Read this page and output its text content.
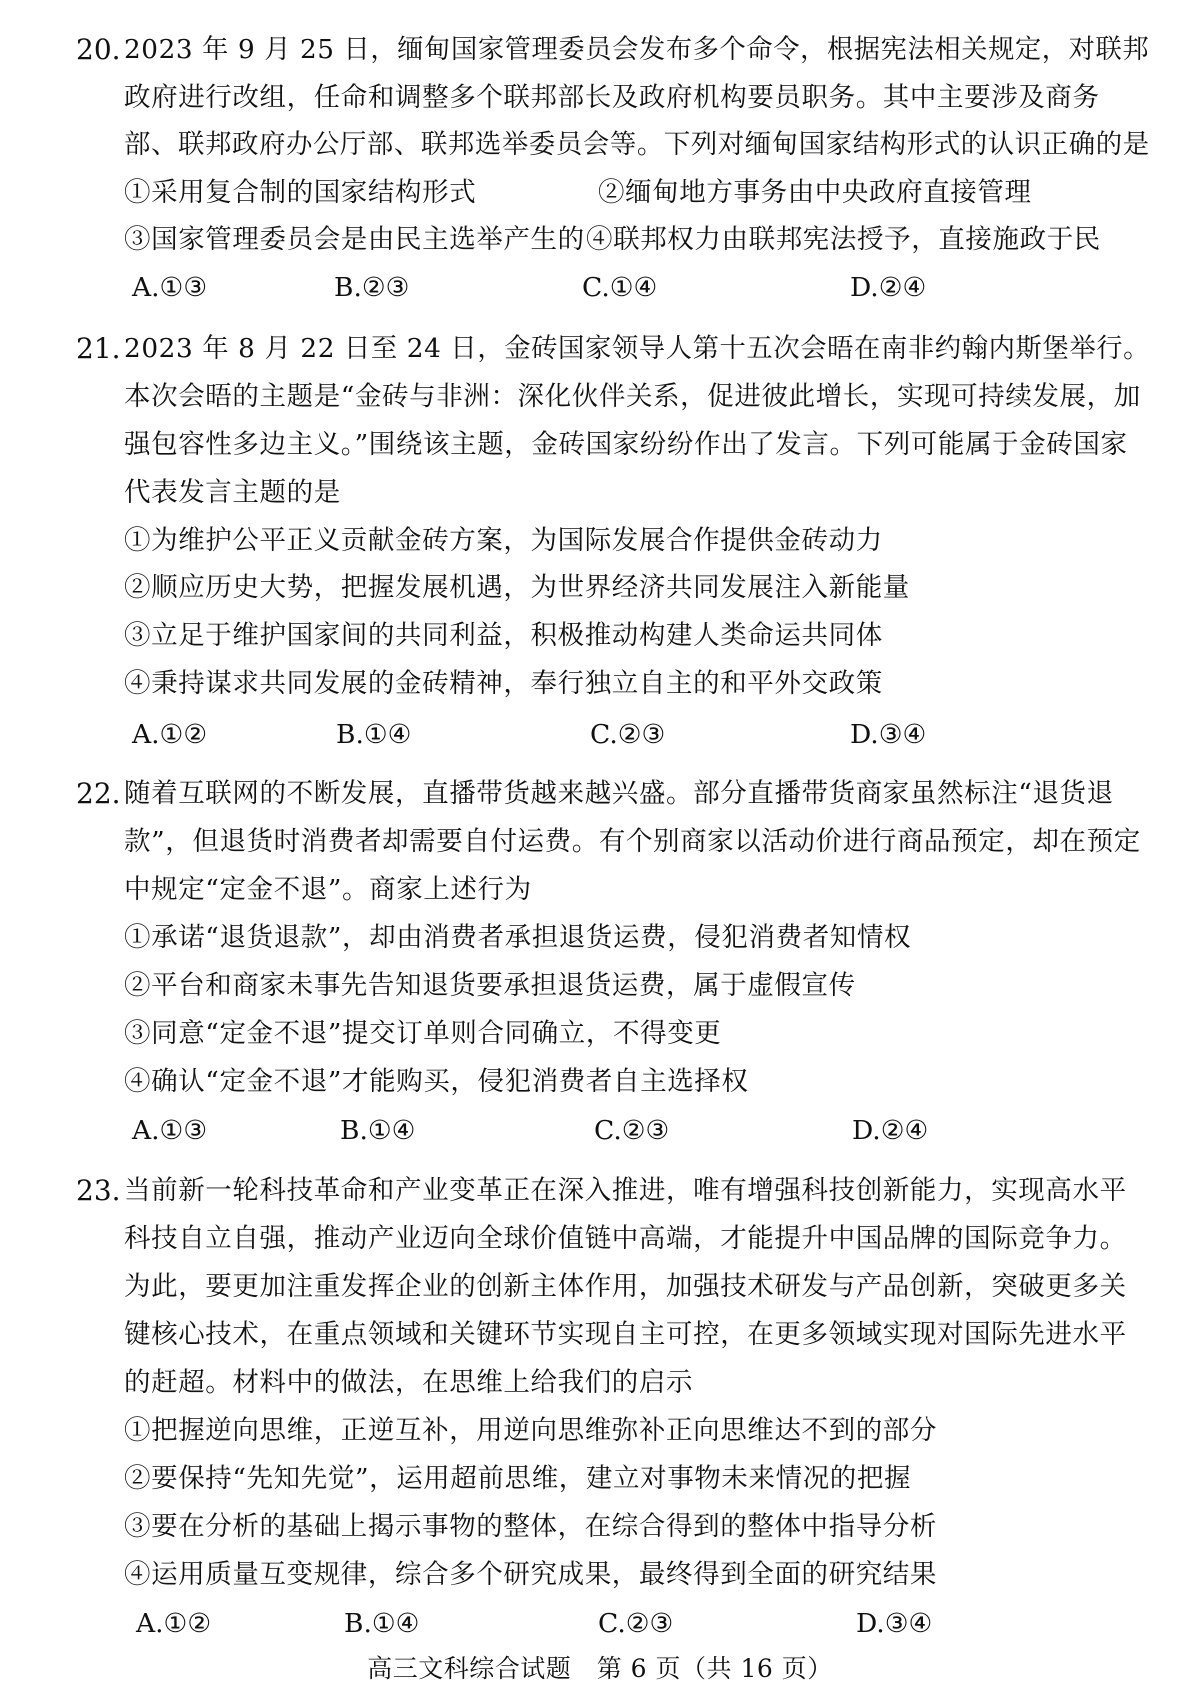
20. 2023 年 9 月 25 日，缅甸国家管理委员会发布多个命令，根据宪法相关规定，对联邦
政府进行改组，任命和调整多个联邦部长及政府机构要员职务。其中主要涉及商务
部、联邦政府办公厅部、联邦选举委员会等。下列对缅甸国家结构形式的认识正确的是
①采用复合制的国家结构形式	②缅甸地方事务由中央政府直接管理
③国家管理委员会是由民主选举产生的 ④联邦权力由联邦宪法授予，直接施政于民
A.①③	B.②③	C.①④	D.②④
21. 2023 年 8 月 22 日至 24 日，金砖国家领导人第十五次会晤在南非约翰内斯堡举行。
本次会晤的主题是“金砖与非洲：深化伙伴关系，促进彼此增长，实现可持续发展，加
强包容性多边主义。”围绕该主题，金砖国家纷纷作出了发言。下列可能属于金砖国家
代表发言主题的是
①为维护公平正义贡献金砖方案，为国际发展合作提供金砖动力
②顺应历史大势，把握发展机遇，为世界经济共同发展注入新能量
③立足于维护国家间的共同利益，积极推动构建人类命运共同体
④秉持谋求共同发展的金砖精神，奉行独立自主的和平外交政策
A.①②	B.①④	C.②③	D.③④
22. 随着互联网的不断发展，直播带货越来越兴盛。部分直播带货商家虽然标注“退货退
款”，但退货时消费者却需要自付运费。有个别商家以活动价进行商品预定，却在预定
中规定“定金不退”。商家上述行为
①承诺“退货退款”，却由消费者承担退货运费，侵犯消费者知情权
②平台和商家未事先告知退货要承担退货运费，属于虚假宣传
③同意“定金不退”提交订单则合同确立，不得变更
④确认“定金不退”才能购买，侵犯消费者自主选择权
A.①③	B.①④	C.②③	D.②④
23. 当前新一轮科技革命和产业变革正在深入推进，唯有增强科技创新能力，实现高水平
科技自立自强，推动产业迈向全球价值链中高端，才能提升中国品牌的国际竞争力。
为此，要更加注重发挥企业的创新主体作用，加强技术研发与产品创新，突破更多关
键核心技术，在重点领域和关键环节实现自主可控，在更多领域实现对国际先进水平
的赶超。材料中的做法，在思维上给我们的启示
①把握逆向思维，正逆互补，用逆向思维弥补正向思维达不到的部分
②要保持“先知先觉”，运用超前思维，建立对事物未来情况的把握
③要在分析的基础上揭示事物的整体，在综合得到的整体中指导分析
④运用质量互变规律，综合多个研究成果，最终得到全面的研究结果
A.①②	B.①④	C.②③	D.③④
高三文科综合试题　第 6 页（共 16 页）
